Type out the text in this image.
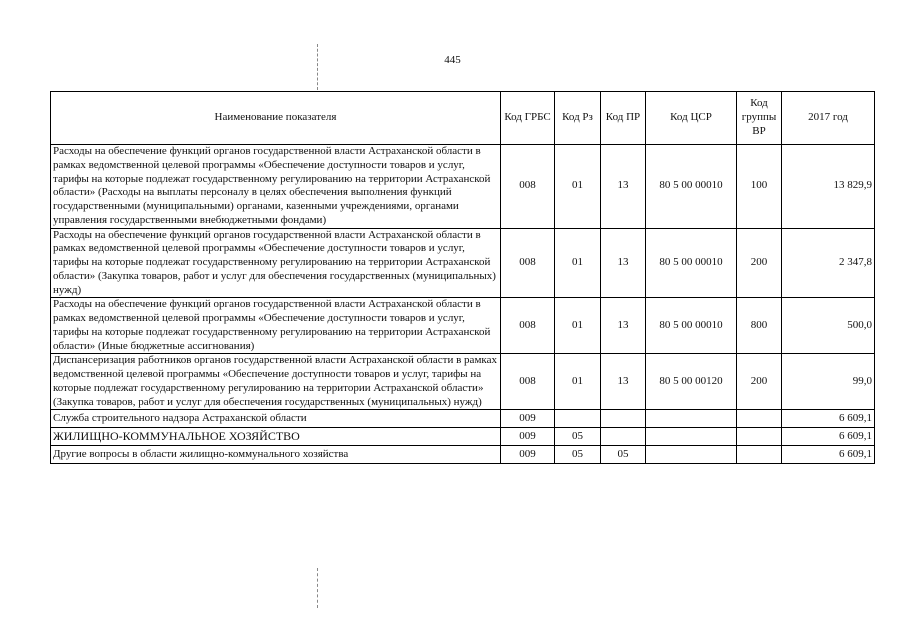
445
Наименование показателя	Код ГРБС	Код Рз	Код ПР	Код ЦСР	Код группы ВР	2017 год
Расходы на обеспечение функций органов государственной власти Астраханской области в рамках ведомственной целевой программы «Обеспечение доступности товаров и услуг, тарифы на которые подлежат государственному регулированию на территории Астраханской области» (Расходы на выплаты персоналу в целях обеспечения выполнения функций государственными (муниципальными) органами, казенными учреждениями, органами управления государственными внебюджетными фондами)	008	01	13	80 5 00 00010	100	13 829,9
Расходы на обеспечение функций органов государственной власти Астраханской области в рамках ведомственной целевой программы «Обеспечение доступности товаров и услуг, тарифы на которые подлежат государственному регулированию на территории Астраханской области» (Закупка товаров, работ и услуг для обеспечения государственных (муниципальных) нужд)	008	01	13	80 5 00 00010	200	2 347,8
Расходы на обеспечение функций органов государственной власти Астраханской области в рамках ведомственной целевой программы «Обеспечение доступности товаров и услуг, тарифы на которые подлежат государственному регулированию на территории Астраханской области» (Иные бюджетные ассигнования)	008	01	13	80 5 00 00010	800	500,0
Диспансеризация работников органов государственной власти Астраханской области в рамках ведомственной целевой программы «Обеспечение доступности товаров и услуг, тарифы на которые подлежат государственному регулированию на территории Астраханской области» (Закупка товаров, работ и услуг для обеспечения государственных (муниципальных) нужд)	008	01	13	80 5 00 00120	200	99,0
Служба строительного надзора Астраханской области	009					6 609,1
ЖИЛИЩНО-КОММУНАЛЬНОЕ ХОЗЯЙСТВО	009	05				6 609,1
Другие вопросы в области жилищно-коммунального хозяйства	009	05	05			6 609,1
